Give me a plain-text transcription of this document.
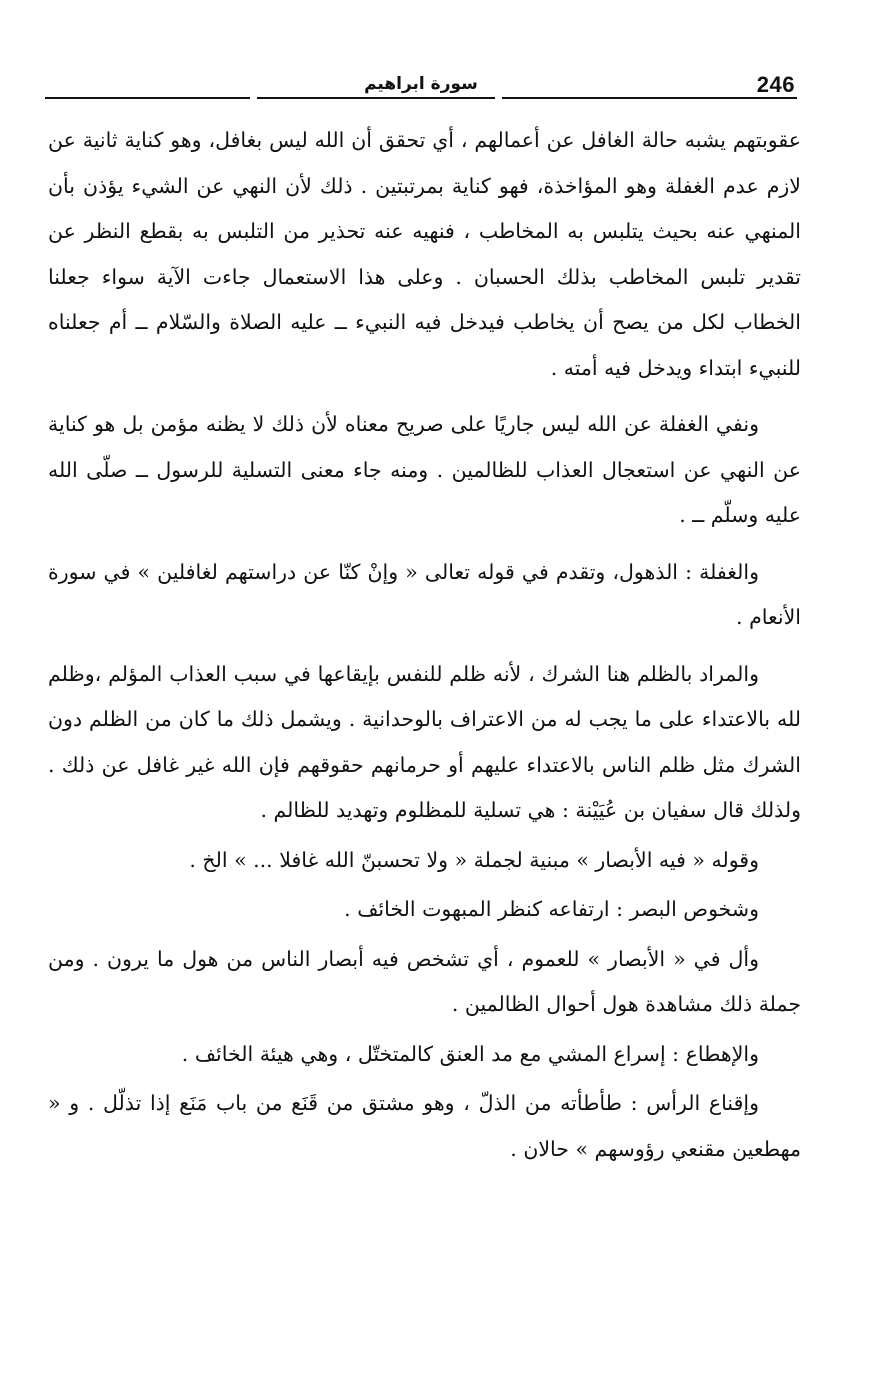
246
سورة ابراهيم

عقوبتهم يشبه حالة الغافل عن أعمالهم ، أي تحقق أن الله ليس بغافل، وهو كناية ثانية عن لازم عدم الغفلة وهو المؤاخذة، فهو كناية بمرتبتين . ذلك لأن النهي عن الشيء يؤذن بأن المنهي عنه بحيث يتلبس به المخاطب ، فنهيه عنه تحذير من التلبس به بقطع النظر عن تقدير تلبس المخاطب بذلك الحسبان . وعلى هذا الاستعمال جاءت الآية سواء جعلنا الخطاب لكل من يصح أن يخاطب فيدخل فيه النبيء ــ عليه الصلاة والسّلام ــ أم جعلناه للنبيء ابتداء ويدخل فيه أمته .

ونفي الغفلة عن الله ليس جاريًا على صريح معناه لأن ذلك لا يظنه مؤمن بل هو كناية عن النهي عن استعجال العذاب للظالمين . ومنه جاء معنى التسلية للرسول ــ صلّى الله عليه وسلّم ــ .

والغفلة : الذهول، وتقدم في قوله تعالى « وإنْ كنّا عن دراستهم لغافلين » في سورة الأنعام .

والمراد بالظلم هنا الشرك ، لأنه ظلم للنفس بإيقاعها في سبب العذاب المؤلم ،وظلم لله بالاعتداء على ما يجب له من الاعتراف بالوحدانية . ويشمل ذلك ما كان من الظلم دون الشرك مثل ظلم الناس بالاعتداء عليهم أو حرمانهم حقوقهم فإن الله غير غافل عن ذلك . ولذلك قال سفيان بن عُيَيْنة : هي تسلية للمظلوم وتهديد للظالم .

وقوله « فيه الأبصار » مبنية لجملة « ولا تحسبنّ الله غافلا ... » الخ .

وشخوص البصر : ارتفاعه كنظر المبهوت الخائف .

وأل في « الأبصار » للعموم ، أي تشخص فيه أبصار الناس من هول ما يرون . ومن جملة ذلك مشاهدة هول أحوال الظالمين .

والإهطاع : إسراع المشي مع مد العنق كالمتختّل ، وهي هيئة الخائف .

وإقناع الرأس : طأطأته من الذلّ ، وهو مشتق من قَنَع من باب مَنَع إذا تذلّل . و « مهطعين مقنعي رؤوسهم » حالان .
